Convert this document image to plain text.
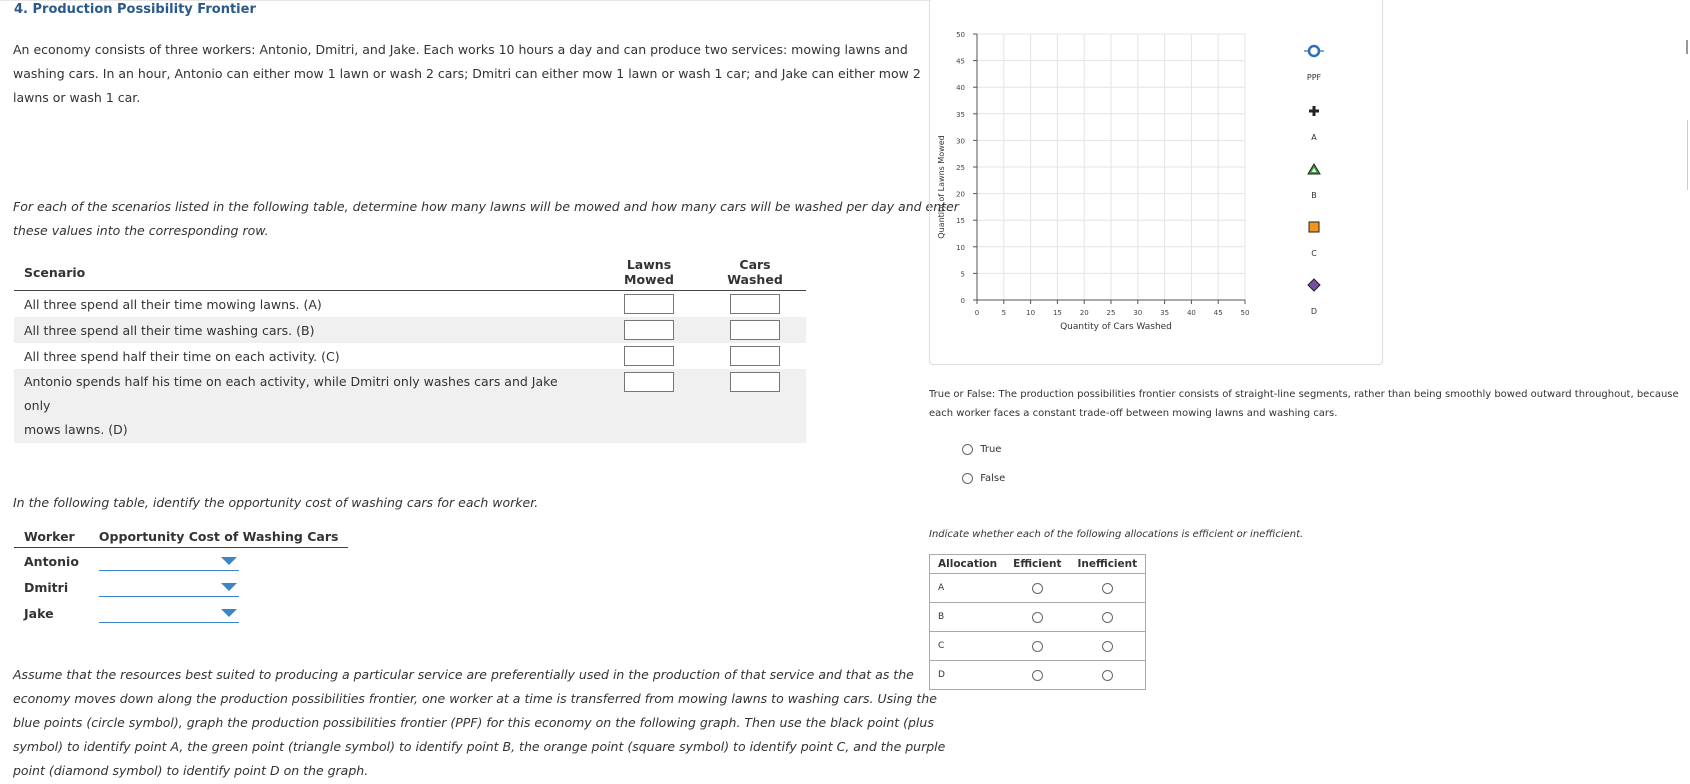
4. Production Possibility Frontier
An economy consists of three workers: Antonio, Dmitri, and Jake. Each works 10 hours a day and can produce two services: mowing lawns and
washing cars. In an hour, Antonio can either mow 1 lawn or wash 2 cars; Dmitri can either mow 1 lawn or wash 1 car; and Jake can either mow 2
lawns or wash 1 car.
For each of the scenarios listed in the following table, determine how many lawns will be mowed and how many cars will be washed per day and enter
these values into the corresponding row.
Scenario	Lawns Mowed	Cars Washed
All three spend all their time mowing lawns. (A)		
All three spend all their time washing cars. (B)		
All three spend half their time on each activity. (C)		

Antonio spends half his time on each activity, while Dmitri only washes cars and Jake only
mows lawns. (D)		

In the following table, identify the opportunity cost of washing cars for each worker.
Worker	Opportunity Cost of Washing Cars
Antonio	

Dmitri	

Jake	
Assume that the resources best suited to producing a particular service are preferentially used in the production of that service and that as the
economy moves down along the production possibilities frontier, one worker at a time is transferred from mowing lawns to washing cars. Using the
blue points (circle symbol), graph the production possibilities frontier (PPF) for this economy on the following graph. Then use the black point (plus
symbol) to identify point A, the green point (triangle symbol) to identify point B, the orange point (square symbol) to identify point C, and the purple
point (diamond symbol) to identify point D on the graph.
0	5	10	15	20	25	30	35	40	45	50
0
5
10
15
20
25
30
35
40
45
50
Quantity of Cars Washed
Quantity of Lawns Mowed
PPF
A
B
C
D
True or False: The production possibilities frontier consists of straight-line segments, rather than being smoothly bowed outward throughout, because
each worker faces a constant trade-off between mowing lawns and washing cars.
True
False
Indicate whether each of the following allocations is efficient or inefficient.
Allocation	Efficient	Inefficient
A		
B		
C		
D		
